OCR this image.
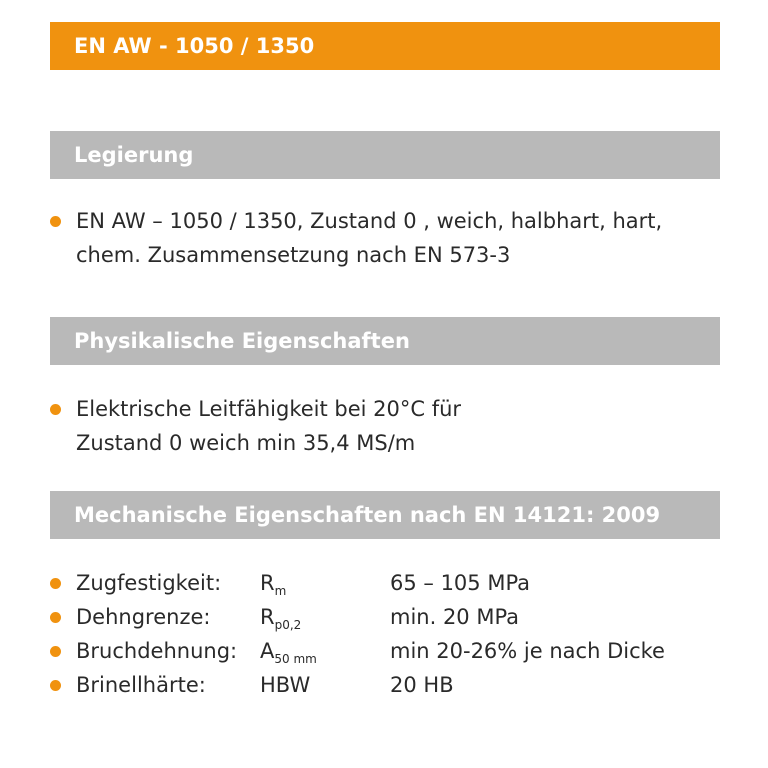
EN AW - 1050 / 1350
Legierung
EN AW – 1050 / 1350, Zustand 0 , weich, halbhart, hart,
chem. Zusammensetzung nach EN 573-3
Physikalische Eigenschaften
Elektrische Leitfähigkeit bei 20°C für
Zustand 0 weich min 35,4 MS/m
Mechanische Eigenschaften nach EN 14121: 2009
Zugfestigkeit: $R_m$	65 – 105 MPa
Dehngrenze: $R_{p0,2}$	min. 20 MPa
Bruchdehnung: $A_{50 mm}$	min 20-26% je nach Dicke
Brinellhärte:	HBW	20 HB
